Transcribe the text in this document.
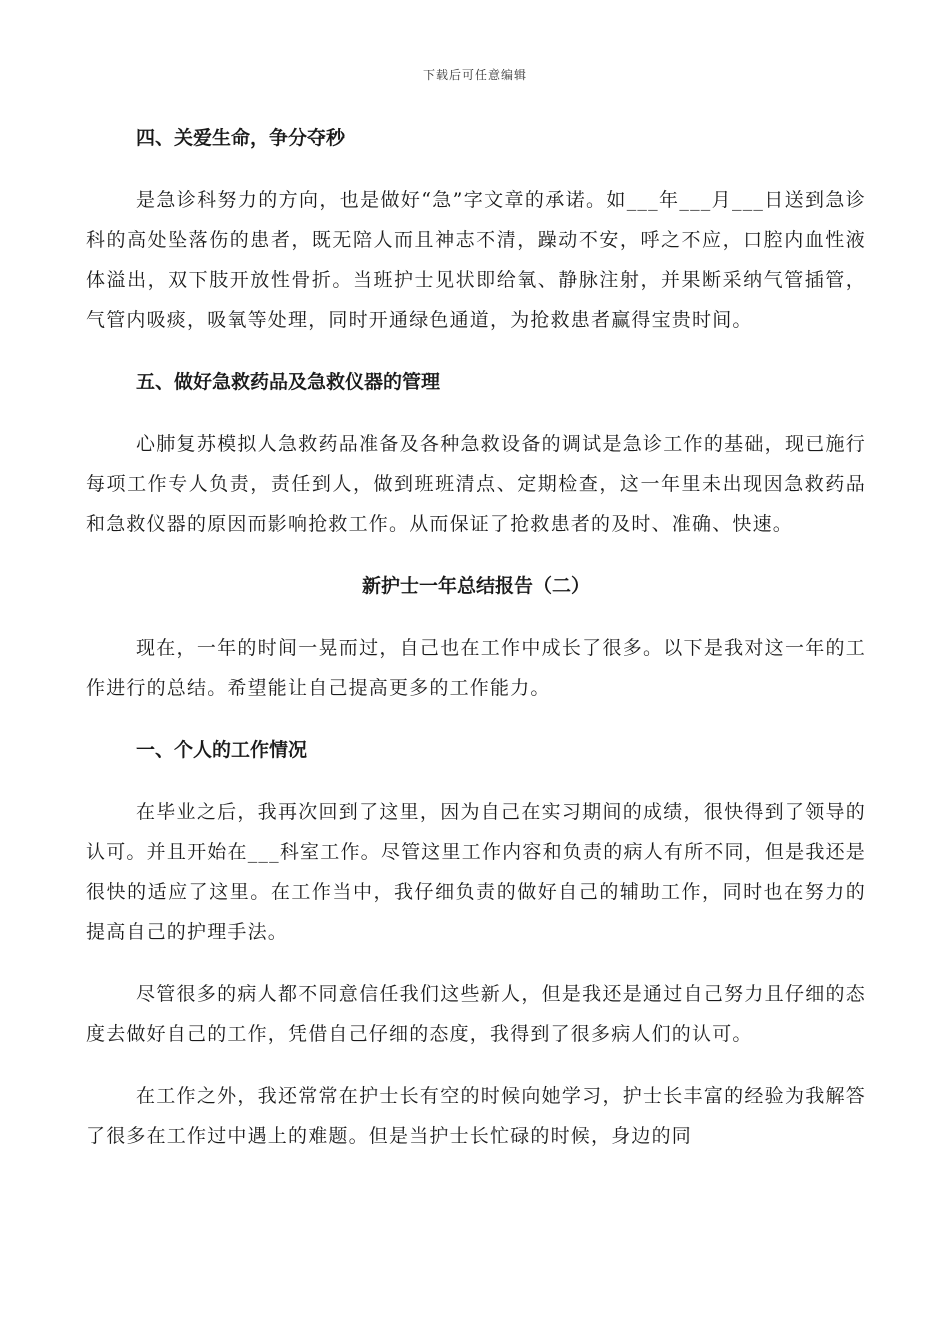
下载后可任意编辑

四、关爱生命，争分夺秒

是急诊科努力的方向，也是做好“急”字文章的承诺。如___年___月___日送到急诊科的高处坠落伤的患者，既无陪人而且神志不清，躁动不安，呼之不应，口腔内血性液体溢出，双下肢开放性骨折。当班护士见状即给氧、静脉注射，并果断采纳气管插管，气管内吸痰，吸氧等处理，同时开通绿色通道，为抢救患者赢得宝贵时间。

五、做好急救药品及急救仪器的管理

心肺复苏模拟人急救药品准备及各种急救设备的调试是急诊工作的基础，现已施行每项工作专人负责，责任到人，做到班班清点、定期检查，这一年里未出现因急救药品和急救仪器的原因而影响抢救工作。从而保证了抢救患者的及时、准确、快速。

新护士一年总结报告（二）

现在，一年的时间一晃而过，自己也在工作中成长了很多。以下是我对这一年的工作进行的总结。希望能让自己提高更多的工作能力。

一、个人的工作情况

在毕业之后，我再次回到了这里，因为自己在实习期间的成绩，很快得到了领导的认可。并且开始在___科室工作。尽管这里工作内容和负责的病人有所不同，但是我还是很快的适应了这里。在工作当中，我仔细负责的做好自己的辅助工作，同时也在努力的提高自己的护理手法。

尽管很多的病人都不同意信任我们这些新人，但是我还是通过自己努力且仔细的态度去做好自己的工作，凭借自己仔细的态度，我得到了很多病人们的认可。

在工作之外，我还常常在护士长有空的时候向她学习，护士长丰富的经验为我解答了很多在工作过中遇上的难题。但是当护士长忙碌的时候，身边的同
